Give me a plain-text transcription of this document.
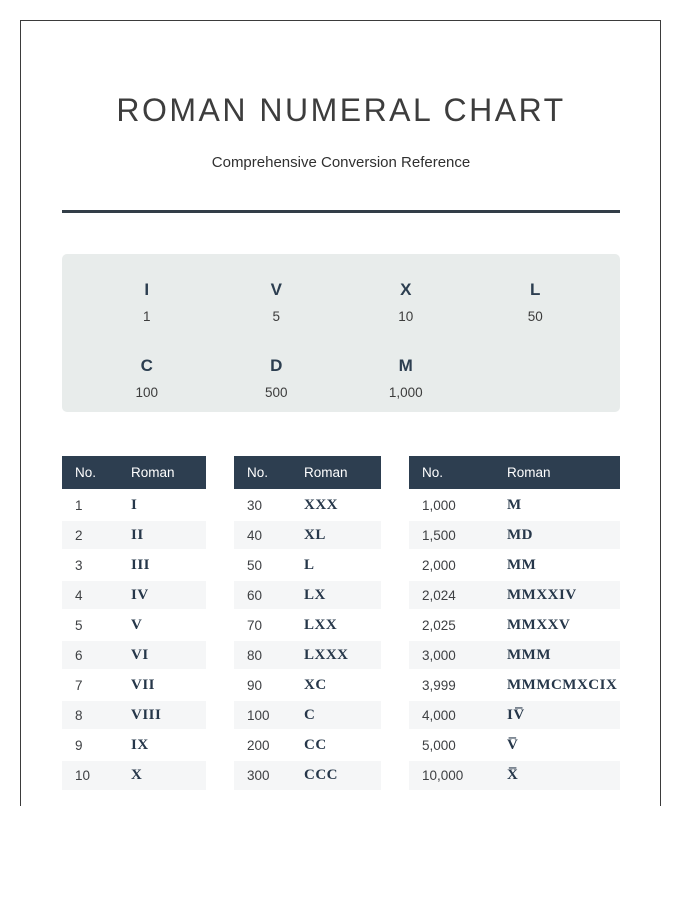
ROMAN NUMERAL CHART
Comprehensive Conversion Reference
I
1
V
5
X
10
L
50
C
100
D
500
M
1,000
No.	Roman
1	I
2	II
3	III
4	IV
5	V
6	VI
7	VII
8	VIII
9	IX
10	X
No.	Roman
30	XXX
40	XL
50	L
60	LX
70	LXX
80	LXXX
90	XC
100	C
200	CC
300	CCC
No.	Roman
1,000	M
1,500	MD
2,000	MM
2,024	MMXXIV
2,025	MMXXV
3,000	MMM
3,999	MMMCMXCIX
4,000	IV̅
5,000	V̅
10,000	X̅
